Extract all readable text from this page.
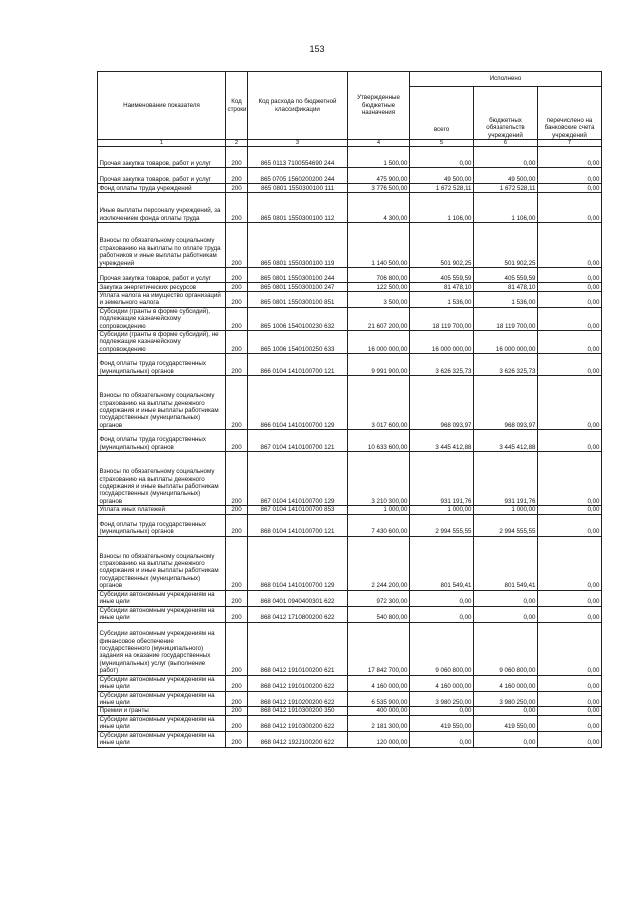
153
Наименование показателя	Код строки	Код расхода по бюджетной классификации	Утвержденные бюджетные назначения	Исполнено		
				всего	бюджетных обязательств учреждений	перечислено на банковские счета учреждений
1	2	3	4	5	6	7

Прочая закупка товаров, работ и услуг	200	865 0113 7100554690 244	1 500,00	0,00	0,00	0,00

Прочая закупка товаров, работ и услуг	200	865 0705 1560200200 244	475 900,00	49 500,00	49 500,00	0,00

Фонд оплаты труда учреждений	200	865 0801 1550300100 111	3 776 500,00	1 672 528,11	1 672 528,11	0,00

Иные выплаты персоналу учреждений, за исключением фонда оплаты труда	200	865 0801 1550300100 112	4 300,00	1 106,00	1 106,00	0,00

Взносы по обязательному социальному страхованию на выплаты по оплате труда работников и иные выплаты работникам учреждений	200	865 0801 1550300100 119	1 140 500,00	501 902,25	501 902,25	0,00

Прочая закупка товаров, работ и услуг	200	865 0801 1550300100 244	706 800,00	405 559,59	405 559,59	0,00

Закупка энергетических ресурсов	200	865 0801 1550300100 247	122 500,00	81 478,10	81 478,10	0,00

Уплата налога на имущество организаций и земельного налога	200	865 0801 1550300100 851	3 500,00	1 536,00	1 536,00	0,00

Субсидии (гранты в форме субсидий), подлежащие казначейскому сопровождению	200	865 1006 1540100230 632	21 607 200,00	18 119 700,00	18 119 700,00	0,00

Субсидии (гранты в форме субсидий), не подлежащие казначейскому сопровождению	200	865 1006 1540100250 633	16 000 000,00	16 000 000,00	16 000 000,00	0,00

Фонд оплаты труда государственных (муниципальных) органов	200	866 0104 1410100700 121	9 991 900,00	3 626 325,73	3 626 325,73	0,00

Взносы по обязательному социальному страхованию на выплаты денежного содержания и иные выплаты работникам государственных (муниципальных) органов	200	866 0104 1410100700 129	3 017 600,00	968 093,97	968 093,97	0,00

Фонд оплаты труда государственных (муниципальных) органов	200	867 0104 1410100700 121	10 633 600,00	3 445 412,88	3 445 412,88	0,00

Взносы по обязательному социальному страхованию на выплаты денежного содержания и иные выплаты работникам государственных (муниципальных) органов	200	867 0104 1410100700 129	3 210 300,00	931 191,76	931 191,76	0,00

Уплата иных платежей	200	867 0104 1410100700 853	1 000,00	1 000,00	1 000,00	0,00

Фонд оплаты труда государственных (муниципальных) органов	200	868 0104 1410100700 121	7 430 600,00	2 994 555,55	2 994 555,55	0,00

Взносы по обязательному социальному страхованию на выплаты денежного содержания и иные выплаты работникам государственных (муниципальных) органов	200	868 0104 1410100700 129	2 244 200,00	801 549,41	801 549,41	0,00

Субсидии автономным учреждениям на иные цели	200	868 0401 0940400301 622	972 300,00	0,00	0,00	0,00

Субсидии автономным учреждениям на иные цели	200	868 0412 1710800200 622	540 800,00	0,00	0,00	0,00

Субсидии автономным учреждениям на финансовое обеспечение государственного (муниципального) задания на оказание государственных (муниципальных) услуг (выполнение работ)	200	868 0412 1910100200 621	17 842 700,00	9 060 800,00	9 060 800,00	0,00

Субсидии автономным учреждениям на иные цели	200	868 0412 1910100200 622	4 160 000,00	4 160 000,00	4 160 000,00	0,00

Субсидии автономным учреждениям на иные цели	200	868 0412 1910200200 622	6 535 900,00	3 980 250,00	3 980 250,00	0,00

Премии и гранты	200	868 0412 1910300200 350	400 000,00	0,00	0,00	0,00

Субсидии автономным учреждениям на иные цели	200	868 0412 1910300200 622	2 181 300,00	419 550,00	419 550,00	0,00

Субсидии автономным учреждениям на иные цели	200	868 0412 192J100200 622	120 000,00	0,00	0,00	0,00
